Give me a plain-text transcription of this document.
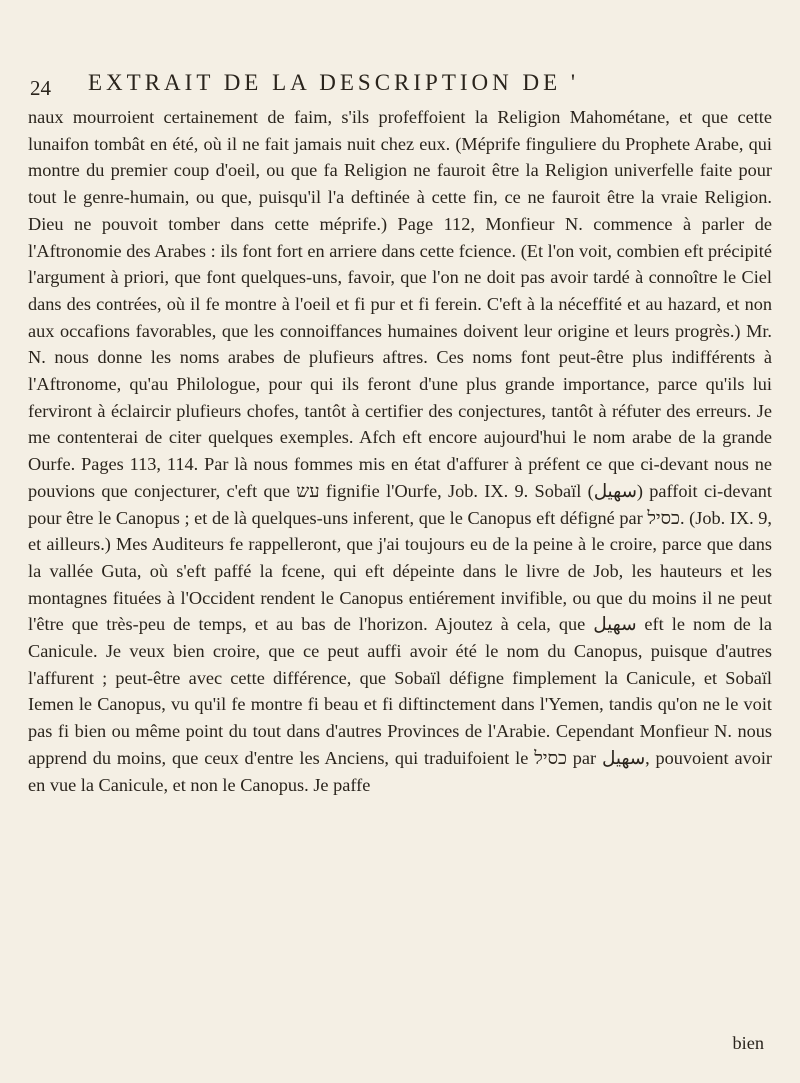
24 EXTRAIT DE LA DESCRIPTION DE '

naux mourroient certainement de faim, s'ils profeffoient la Religion Mahométane, et que cette lunaifon tombât en été, où il ne fait jamais nuit chez eux. (Méprife finguliere du Prophete Arabe, qui montre du premier coup d'oeil, ou que fa Religion ne fauroit être la Religion univerfelle faite pour tout le genre-humain, ou que, puisqu'il l'a deftinée à cette fin, ce ne fauroit être la vraie Religion. Dieu ne pouvoit tomber dans cette méprife.) Page 112, Monfieur N. commence à parler de l'Aftronomie des Arabes : ils font fort en arriere dans cette fcience. (Et l'on voit, combien eft précipité l'argument à priori, que font quelques-uns, favoir, que l'on ne doit pas avoir tardé à connoître le Ciel dans des contrées, où il fe montre à l'oeil et fi pur et fi ferein. C'eft à la néceffité et au hazard, et non aux occafions favorables, que les connoiffances humaines doivent leur origine et leurs progrès.) Mr. N. nous donne les noms arabes de plufieurs aftres. Ces noms font peut-être plus indifférents à l'Aftronome, qu'au Philologue, pour qui ils feront d'une plus grande importance, parce qu'ils lui ferviront à éclaircir plufieurs chofes, tantôt à certifier des conjectures, tantôt à réfuter des erreurs. Je me contenterai de citer quelques exemples. Afch eft encore aujourd'hui le nom arabe de la grande Ourfe. Pages 113, 114. Par là nous fommes mis en état d'affurer à préfent ce que ci-devant nous ne pouvions que conjecturer, c'eft que עש fignifie l'Ourfe, Job. IX. 9. Sobaïl (سهيل) paffoit ci-devant pour être le Canopus ; et de là quelques-uns inferent, que le Canopus eft défigné par כסיל. (Job. IX. 9, et ailleurs.) Mes Auditeurs fe rappelleront, que j'ai toujours eu de la peine à le croire, parce que dans la vallée Guta, où s'eft paffé la fcene, qui eft dépeinte dans le livre de Job, les hauteurs et les montagnes fituées à l'Occident rendent le Canopus entiérement invifible, ou que du moins il ne peut l'être que très-peu de temps, et au bas de l'horizon. Ajoutez à cela, que سهيل eft le nom de la Canicule. Je veux bien croire, que ce peut auffi avoir été le nom du Canopus, puisque d'autres l'affurent ; peut-être avec cette différence, que Sobaïl défigne fimplement la Canicule, et Sobaïl Iemen le Canopus, vu qu'il fe montre fi beau et fi diftinctement dans l'Yemen, tandis qu'on ne le voit pas fi bien ou même point du tout dans d'autres Provinces de l'Arabie. Cependant Monfieur N. nous apprend du moins, que ceux d'entre les Anciens, qui traduifoient le כסיל par سهيل, pouvoient avoir en vue la Canicule, et non le Canopus. Je paffe

bien
